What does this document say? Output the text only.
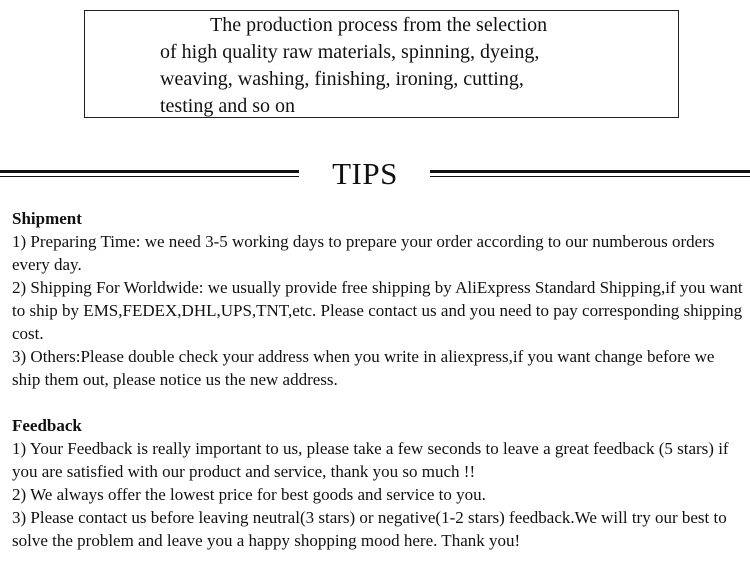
The production process from the selection
of high quality raw materials, spinning, dyeing,
weaving, washing, finishing, ironing, cutting,
testing and so on
TIPS
Shipment

1) Preparing Time: we need 3-5 working days to prepare your order according to our numberous orders every day.

2) Shipping For Worldwide: we usually provide free shipping by AliExpress Standard Shipping,if you want to ship by EMS,FEDEX,DHL,UPS,TNT,etc. Please contact us and you need to pay corresponding shipping cost.

3) Others:Please double check your address when you write in aliexpress,if you want change before we ship them out, please notice us the new address.

Feedback

1) Your Feedback is really important to us, please take a few seconds to leave a great feedback (5 stars) if you are satisfied with our product and service, thank you so much !!

2) We always offer the lowest price for best goods and service to you.

3) Please contact us before leaving neutral(3 stars) or negative(1-2 stars) feedback.We will try our best to solve the problem and leave you a happy shopping mood here. Thank you!
